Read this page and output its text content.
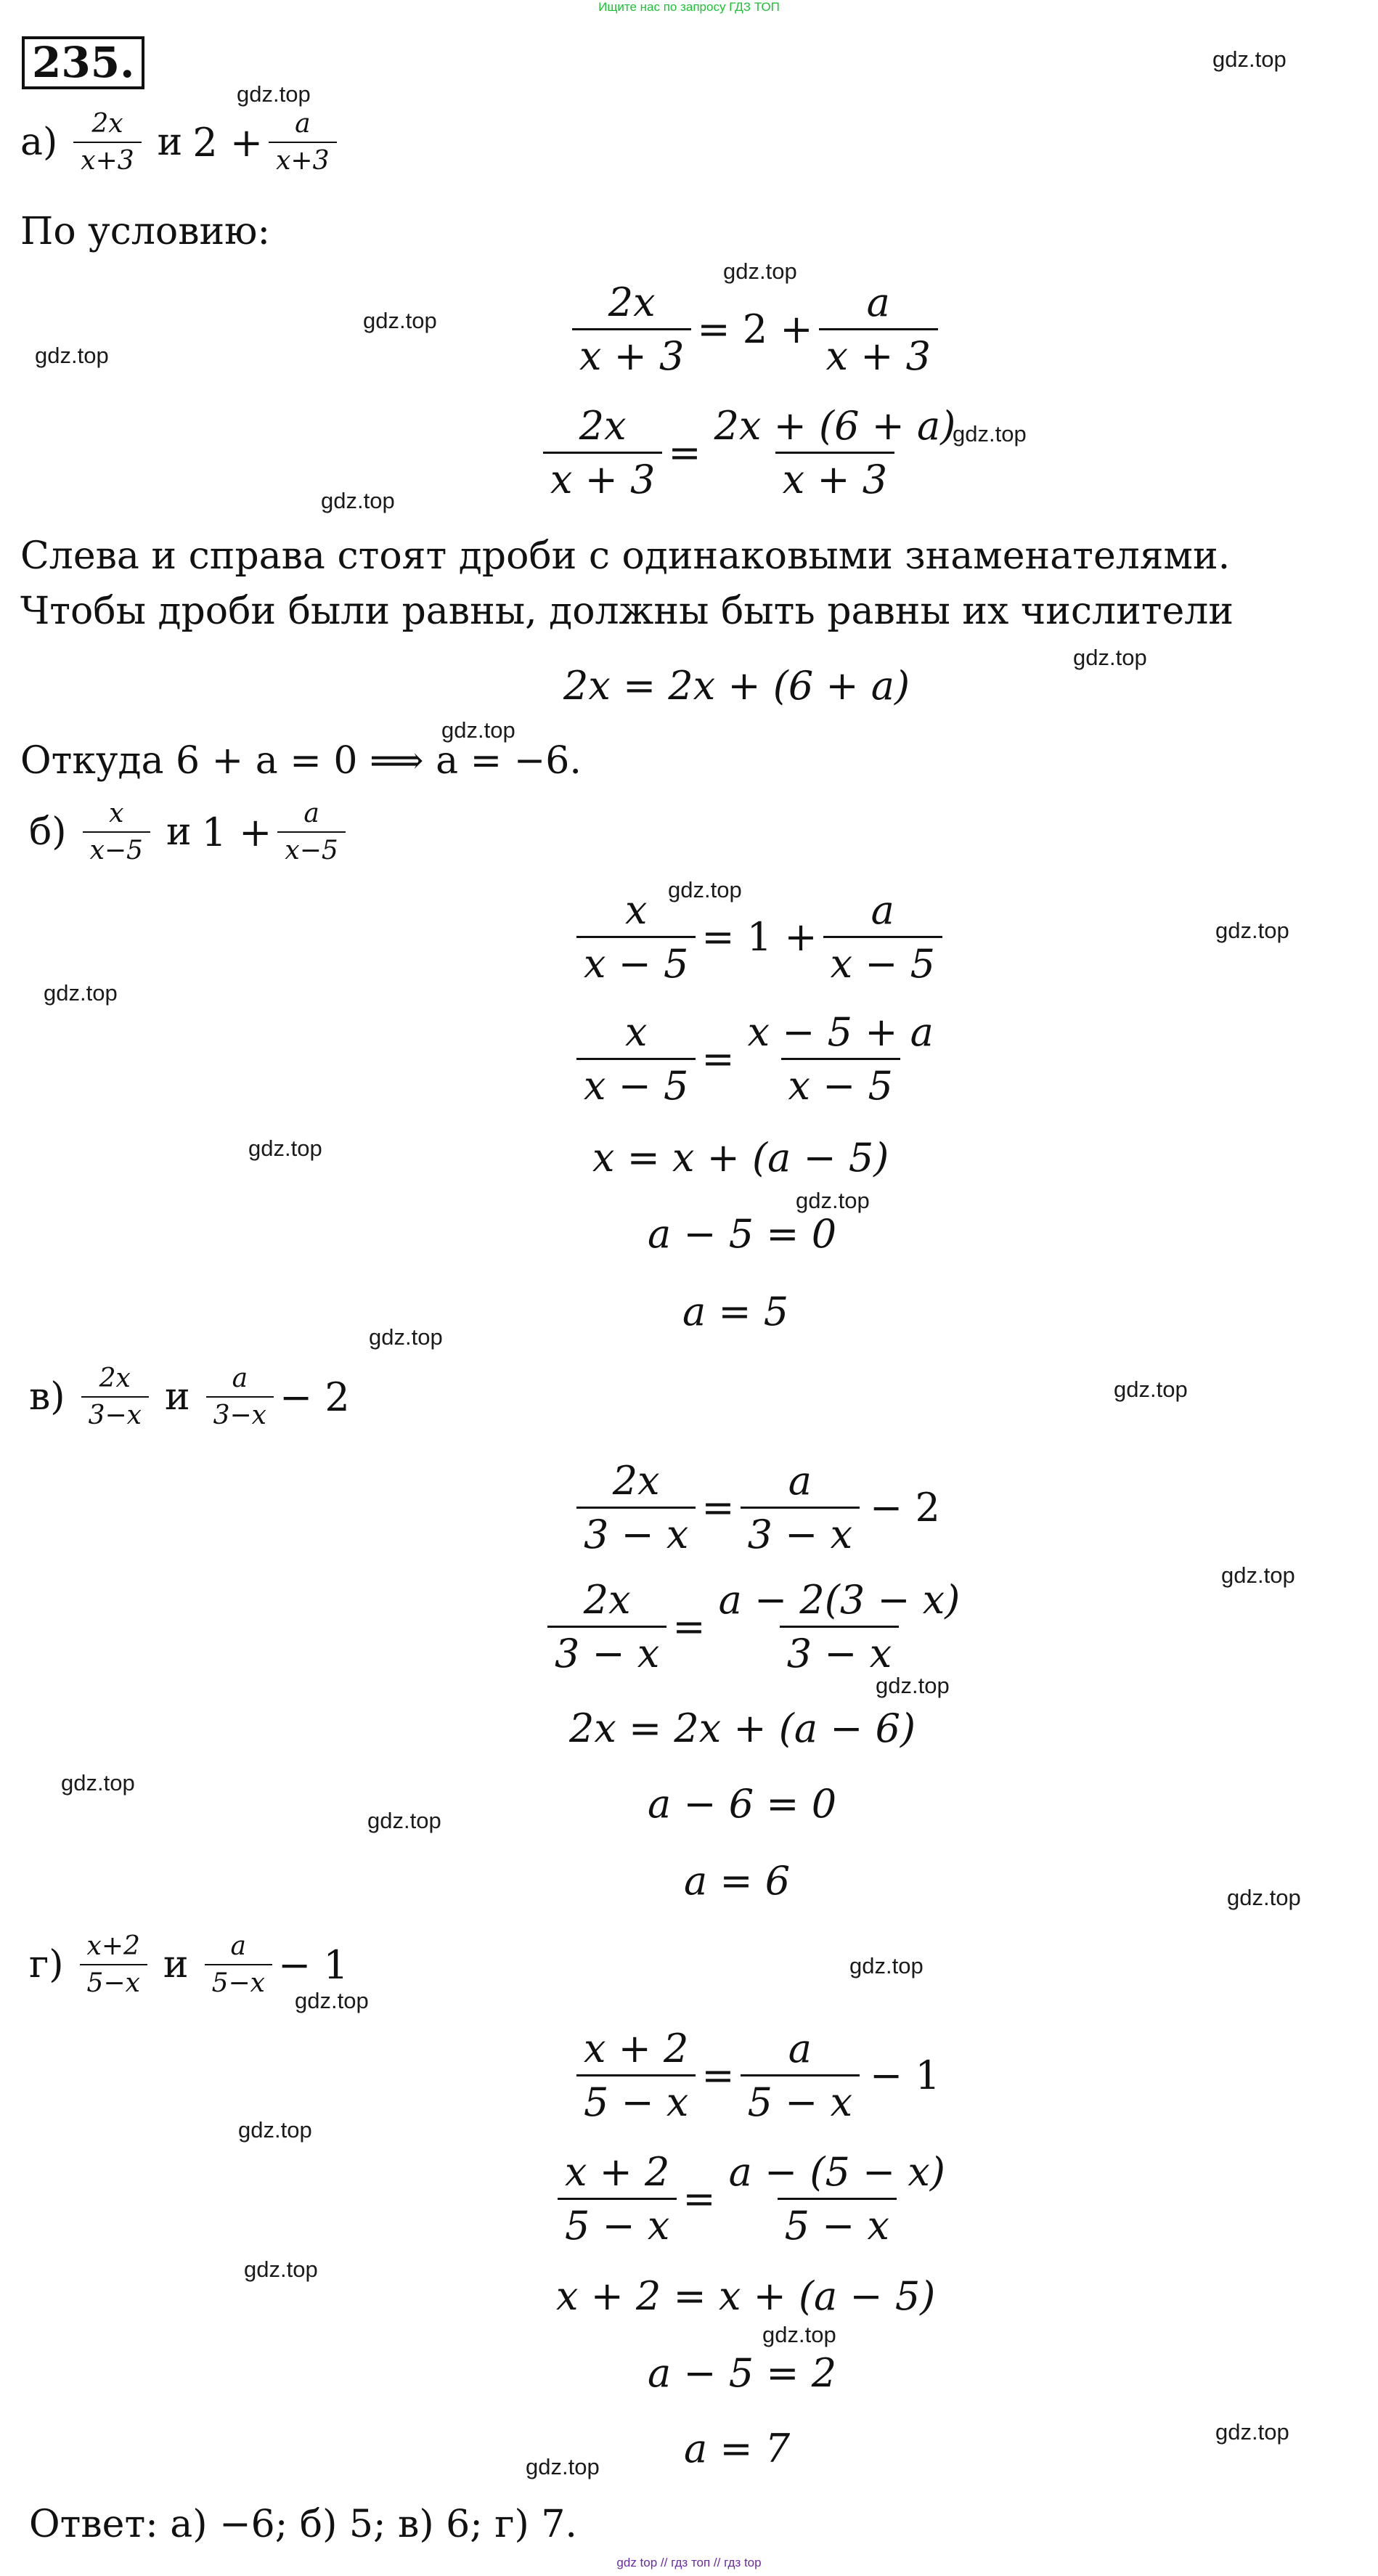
Ищите нас по запросу ГДЗ ТОП
235.
$а) \frac{2x}{x+3}$ и $2 + \frac{a}{x+3}$
По условию:
$\frac{2x}{x + 3} = 2 + \frac{a}{x + 3}$
$\frac{2x}{x + 3} = \frac{2x + (6 + a)}{x + 3}$
Слева и справа стоят дроби с одинаковыми знаменателями. Чтобы дроби были равны, должны быть равны их числители
2x = 2x + (6 + a)
Откуда 6 + a = 0 ⟹ a = −6.
$б) \frac{x}{x-5}$ и $1 + \frac{a}{x-5}$
$\frac{x}{x - 5} = 1 + \frac{a}{x - 5}$
$\frac{x}{x - 5} = \frac{x - 5 + a}{x - 5}$
x = x + (a − 5)
a − 5 = 0
a = 5
$в) \frac{2x}{3-x}$ и $\frac{a}{3-x} - 2$
$\frac{2x}{3 - x} = \frac{a}{3 - x} - 2$
$\frac{2x}{3 - x} = \frac{a - 2(3 - x)}{3 - x}$
2x = 2x + (a − 6)
a − 6 = 0
a = 6
$г) \frac{x+2}{5-x}$ и $\frac{a}{5-x} - 1$
$\frac{x + 2}{5 - x} = \frac{a}{5 - x} - 1$
$\frac{x + 2}{5 - x} = \frac{a - (5 - x)}{5 - x}$
x + 2 = x + (a − 5)
a − 5 = 2
a = 7
Ответ: а) −6; б) 5; в) 6; г) 7.
gdz top // гдз топ // гдз top
gdz.top
gdz.top
gdz.top
gdz.top
gdz.top
gdz.top
gdz.top
gdz.top
gdz.top
gdz.top
gdz.top
gdz.top
gdz.top
gdz.top
gdz.top
gdz.top
gdz.top
gdz.top
gdz.top
gdz.top
gdz.top
gdz.top
gdz.top
gdz.top
gdz.top
gdz.top
gdz.top
gdz.top
